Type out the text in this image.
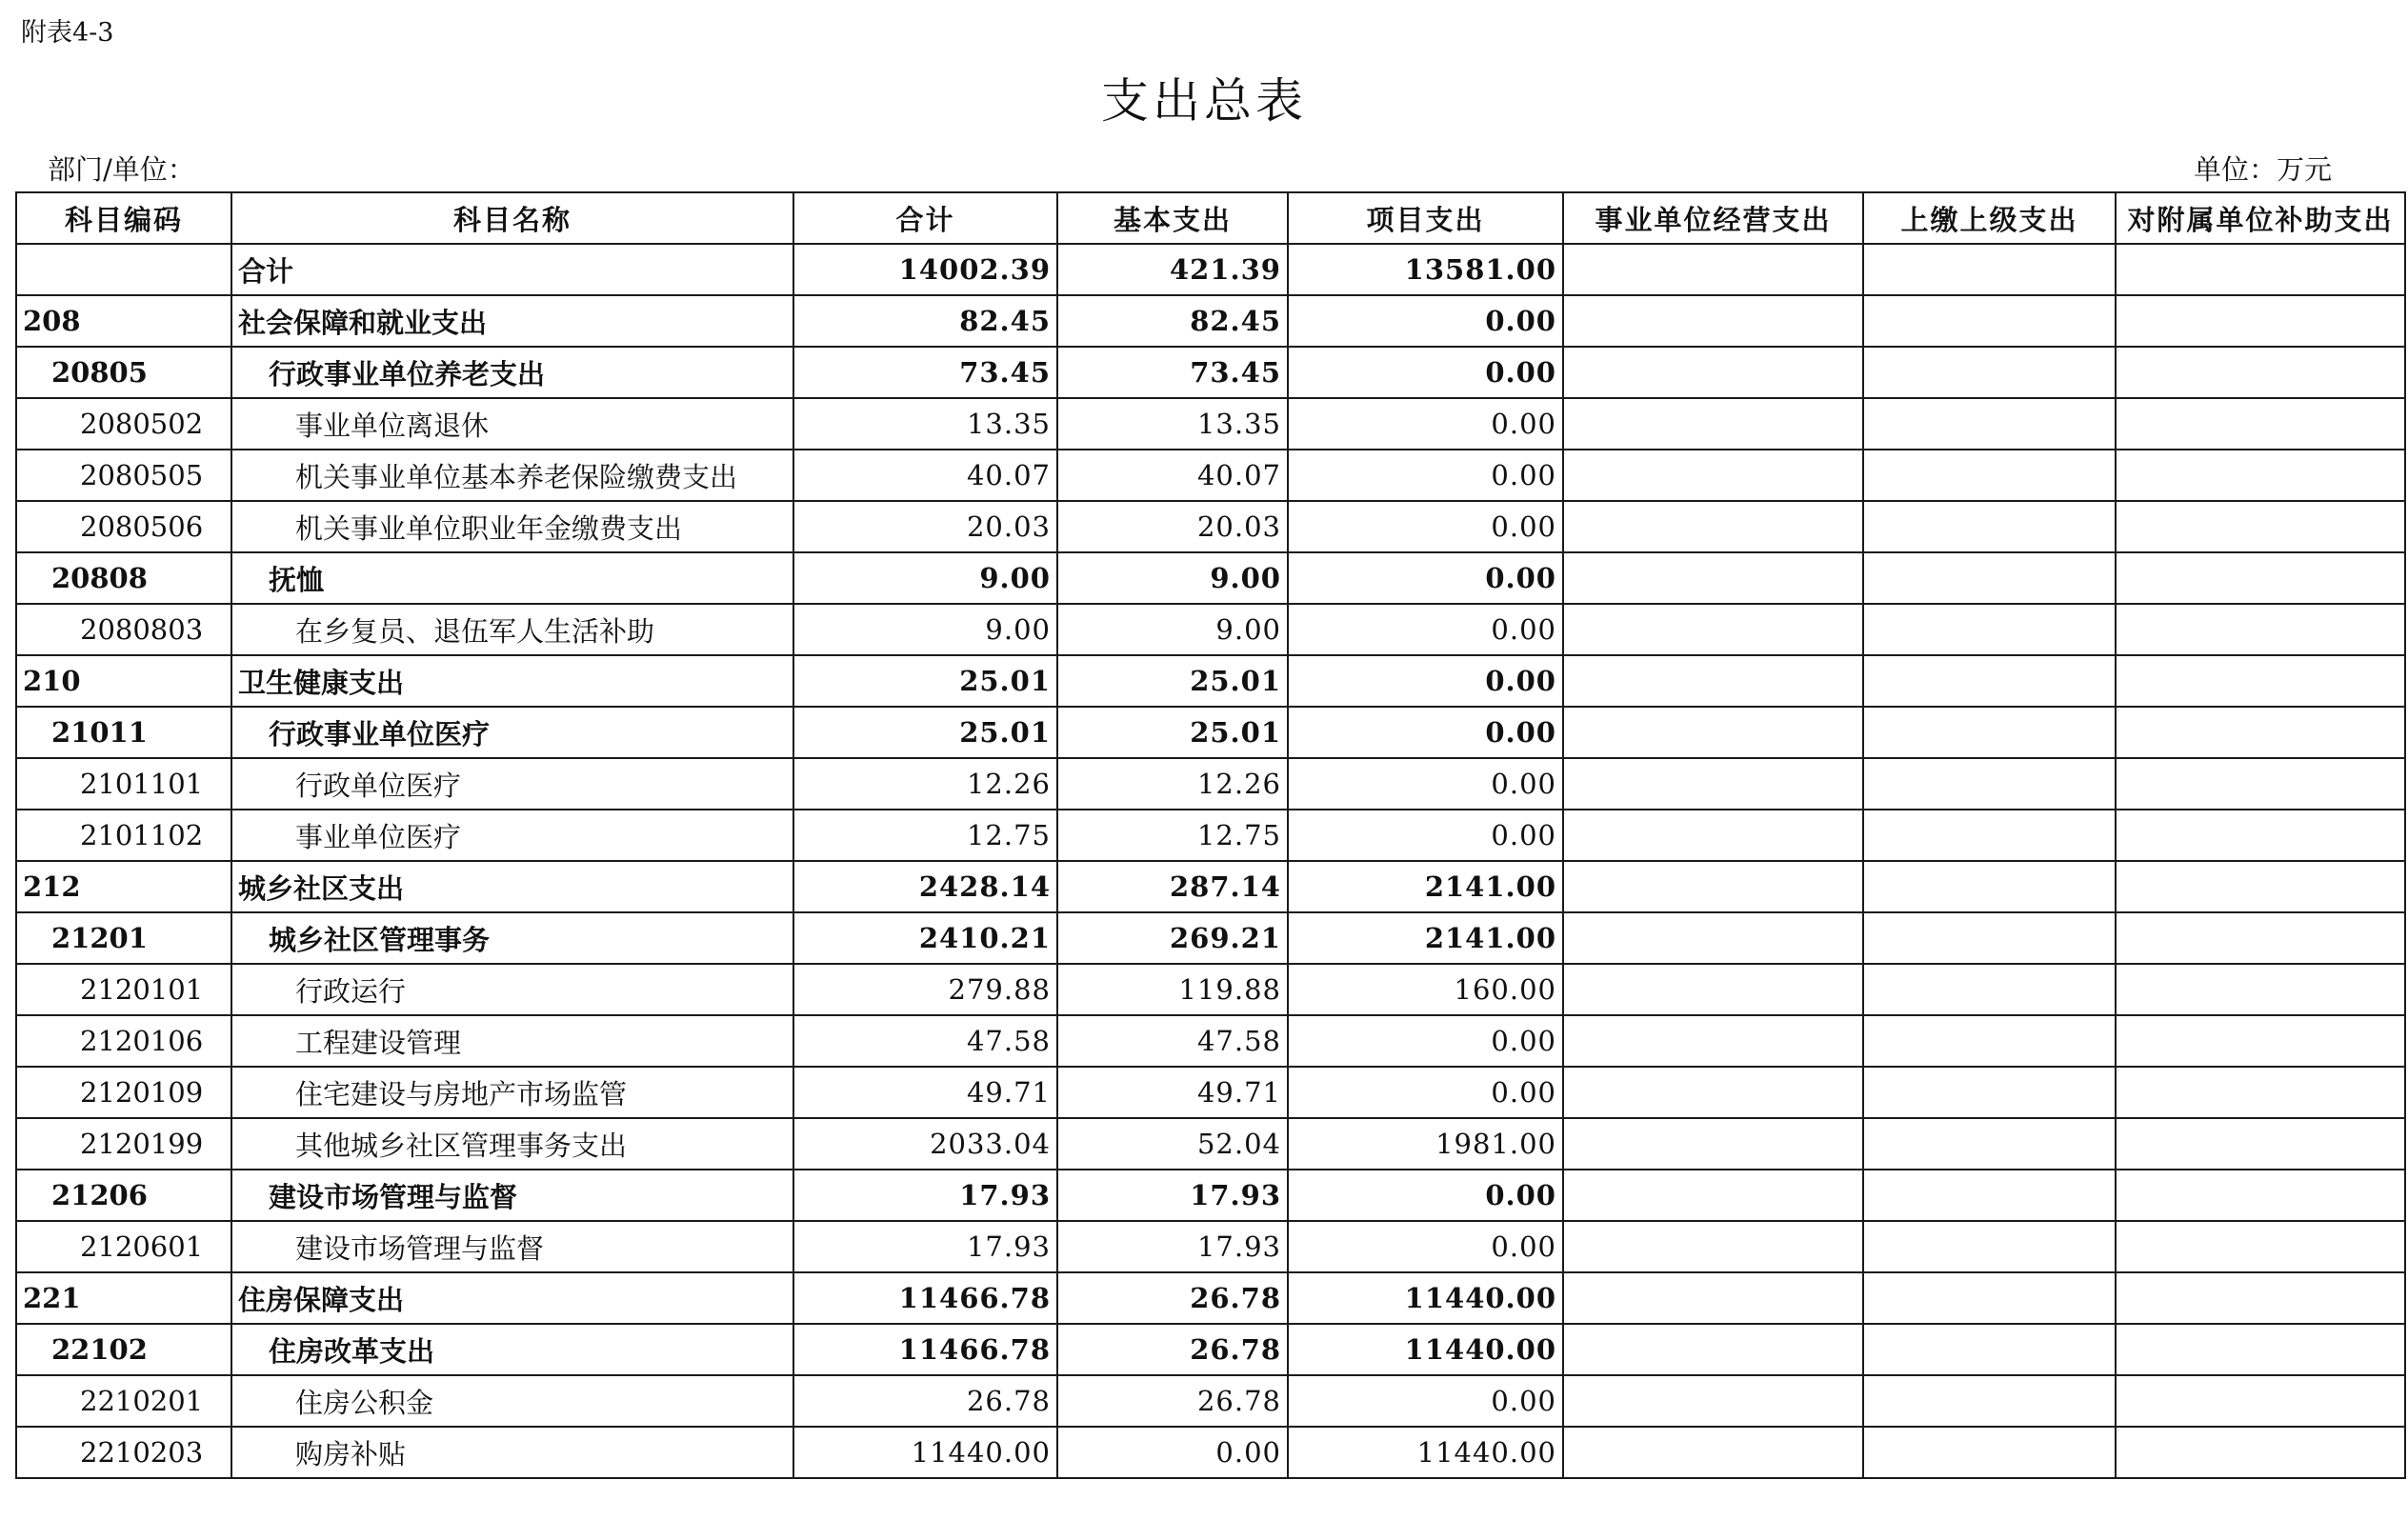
附表4-3
支出总表
部门/单位：	单位：万元
科目编码	科目名称	合计	基本支出	项目支出	事业单位经营支出	上缴上级支出	对附属单位补助支出
	合计	14002.39	421.39	13581.00			
208	社会保障和就业支出	82.45	82.45	0.00			
20805	行政事业单位养老支出	73.45	73.45	0.00			
2080502	事业单位离退休	13.35	13.35	0.00			
2080505	机关事业单位基本养老保险缴费支出	40.07	40.07	0.00			
2080506	机关事业单位职业年金缴费支出	20.03	20.03	0.00			
20808	抚恤	9.00	9.00	0.00			
2080803	在乡复员、退伍军人生活补助	9.00	9.00	0.00			
210	卫生健康支出	25.01	25.01	0.00			
21011	行政事业单位医疗	25.01	25.01	0.00			
2101101	行政单位医疗	12.26	12.26	0.00			
2101102	事业单位医疗	12.75	12.75	0.00			
212	城乡社区支出	2428.14	287.14	2141.00			
21201	城乡社区管理事务	2410.21	269.21	2141.00			
2120101	行政运行	279.88	119.88	160.00			
2120106	工程建设管理	47.58	47.58	0.00			
2120109	住宅建设与房地产市场监管	49.71	49.71	0.00			
2120199	其他城乡社区管理事务支出	2033.04	52.04	1981.00			
21206	建设市场管理与监督	17.93	17.93	0.00			
2120601	建设市场管理与监督	17.93	17.93	0.00			
221	住房保障支出	11466.78	26.78	11440.00			
22102	住房改革支出	11466.78	26.78	11440.00			
2210201	住房公积金	26.78	26.78	0.00			
2210203	购房补贴	11440.00	0.00	11440.00			
